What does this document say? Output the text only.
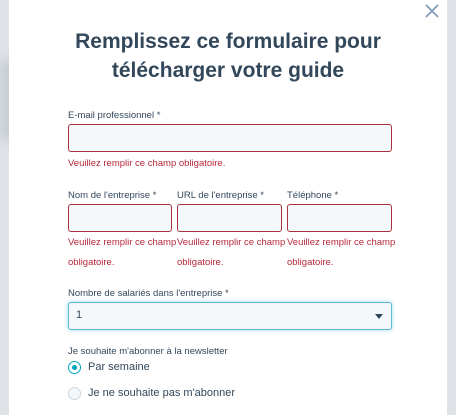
Remplissez ce formulaire pour
télécharger votre guide
E-mail professionnel *
Veuillez remplir ce champ obligatoire.
Nom de l'entreprise *
Veuillez remplir ce champ
obligatoire.
URL de l'entreprise *
Veuillez remplir ce champ
obligatoire.
Téléphone *
Veuillez remplir ce champ
obligatoire.
Nombre de salariés dans l'entreprise *
1
Je souhaite m'abonner à la newsletter
Par semaine
Je ne souhaite pas m'abonner
